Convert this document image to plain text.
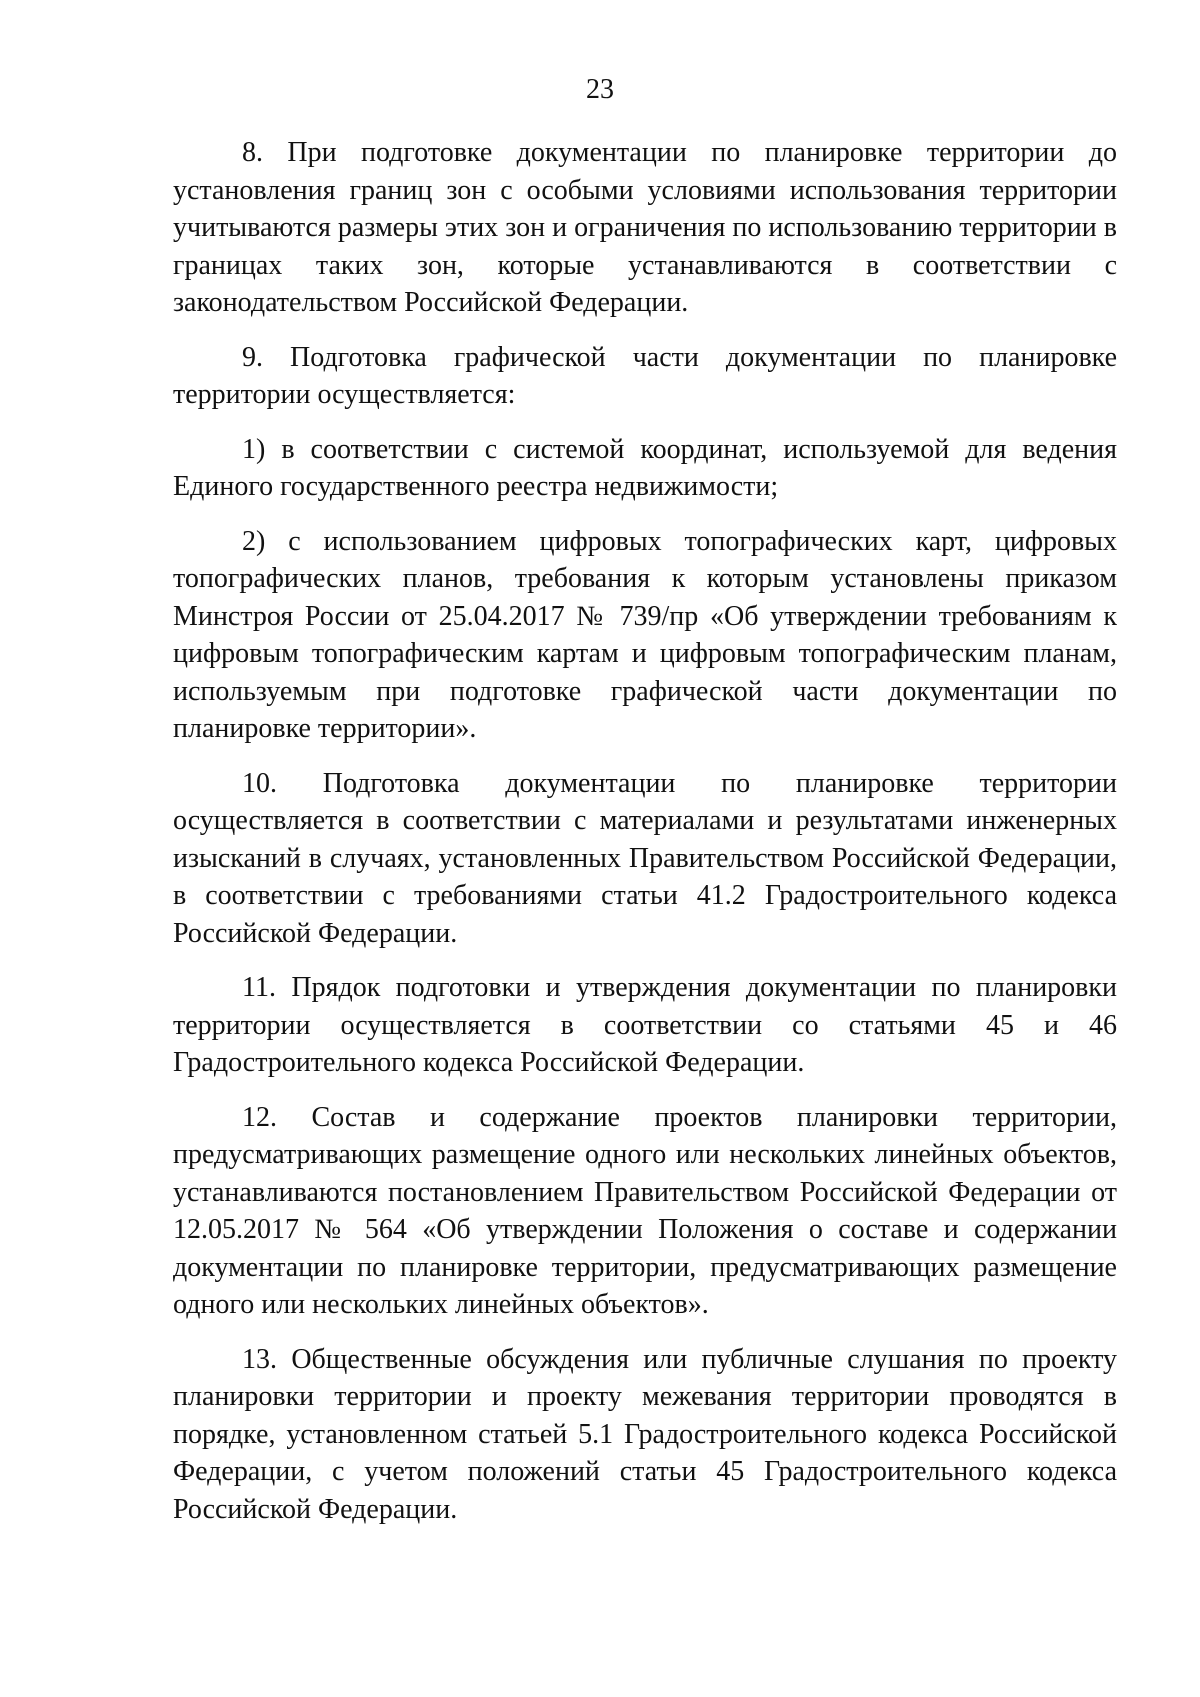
23

8. При подготовке документации по планировке территории до установления границ зон с особыми условиями использования территории учитываются размеры этих зон и ограничения по использованию территории в границах таких зон, которые устанавливаются в соответствии с законодательством Российской Федерации.

9. Подготовка графической части документации по планировке территории осуществляется:

1) в соответствии с системой координат, используемой для ведения Единого государственного реестра недвижимости;

2) с использованием цифровых топографических карт, цифровых топографических планов, требования к которым установлены приказом Минстроя России от 25.04.2017 № 739/пр «Об утверждении требованиям к цифровым топографическим картам и цифровым топографическим планам, используемым при подготовке графической части документации по планировке территории».

10. Подготовка документации по планировке территории осуществляется в соответствии с материалами и результатами инженерных изысканий в случаях, установленных Правительством Российской Федерации, в соответствии с требованиями статьи 41.2 Градостроительного кодекса Российской Федерации.

11. Прядок подготовки и утверждения документации по планировки территории осуществляется в соответствии со статьями 45 и 46 Градостроительного кодекса Российской Федерации.

12. Состав и содержание проектов планировки территории, предусматривающих размещение одного или нескольких линейных объектов, устанавливаются постановлением Правительством Российской Федерации от 12.05.2017 № 564 «Об утверждении Положения о составе и содержании документации по планировке территории, предусматривающих размещение одного или нескольких линейных объектов».

13. Общественные обсуждения или публичные слушания по проекту планировки территории и проекту межевания территории проводятся в порядке, установленном статьей 5.1 Градостроительного кодекса Российской Федерации, с учетом положений статьи 45 Градостроительного кодекса Российской Федерации.
